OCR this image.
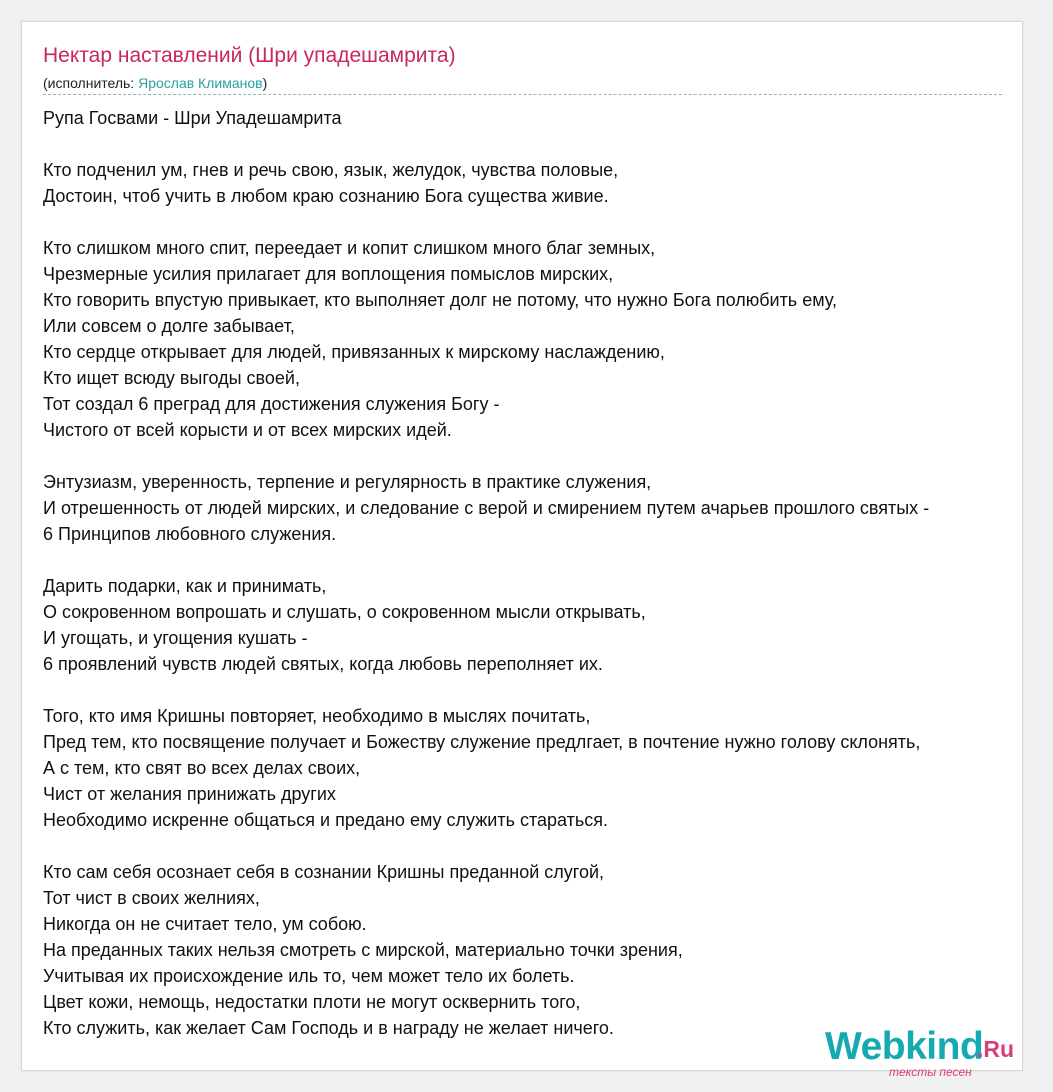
Нектар наставлений (Шри упадешамрита)
(исполнитель: Ярослав Климанов)
Рупа Госвами - Шри Упадешамрита
Кто подченил ум, гнев и речь свою, язык, желудок, чувства половые,
Достоин, чтоб учить в любом краю сознанию Бога существа живие.
Кто слишком много спит, переедает и копит слишком много благ земных,
Чрезмерные усилия прилагает для воплощения помыслов мирских,
Кто говорить впустую привыкает, кто выполняет долг не потому, что нужно Бога полюбить ему,
Или совсем о долге забывает,
Кто сердце открывает для людей, привязанных к мирскому наслаждению,
Кто ищет всюду выгоды своей,
Тот создал 6 преград для достижения служения Богу -
Чистого от всей корысти и от всех мирских идей.
Энтузиазм, уверенность, терпение и регулярность в практике служения,
И отрешенность от людей мирских, и следование с верой и смирением путем ачарьев прошлого святых -
6 Принципов любовного служения.
Дарить подарки, как и принимать,
О сокровенном вопрошать и слушать, о сокровенном мысли открывать,
И угощать, и угощения кушать -
6 проявлений чувств людей святых, когда любовь переполняет их.
Того, кто имя Кришны повторяет, необходимо в мыслях почитать,
Пред тем, кто посвящение получает и Божеству служение предлгает, в почтение нужно голову склонять,
А с тем, кто свят во всех делах своих,
Чист от желания принижать других
Необходимо искренне общаться и предано ему служить стараться.
Кто сам себя осознает себя в сознании Кришны преданной слугой,
Тот чист в своих желниях,
Никогда он не считает тело, ум собою.
На преданных таких нельзя смотреть с мирской, материально точки зрения,
Учитывая их происхождение иль то, чем может тело их болеть.
Цвет кожи, немощь, недостатки плоти не могут осквернить того,
Кто служить, как желает Сам Господь и в награду не желает ничего.	Webkind
.Ru
тексты песен
